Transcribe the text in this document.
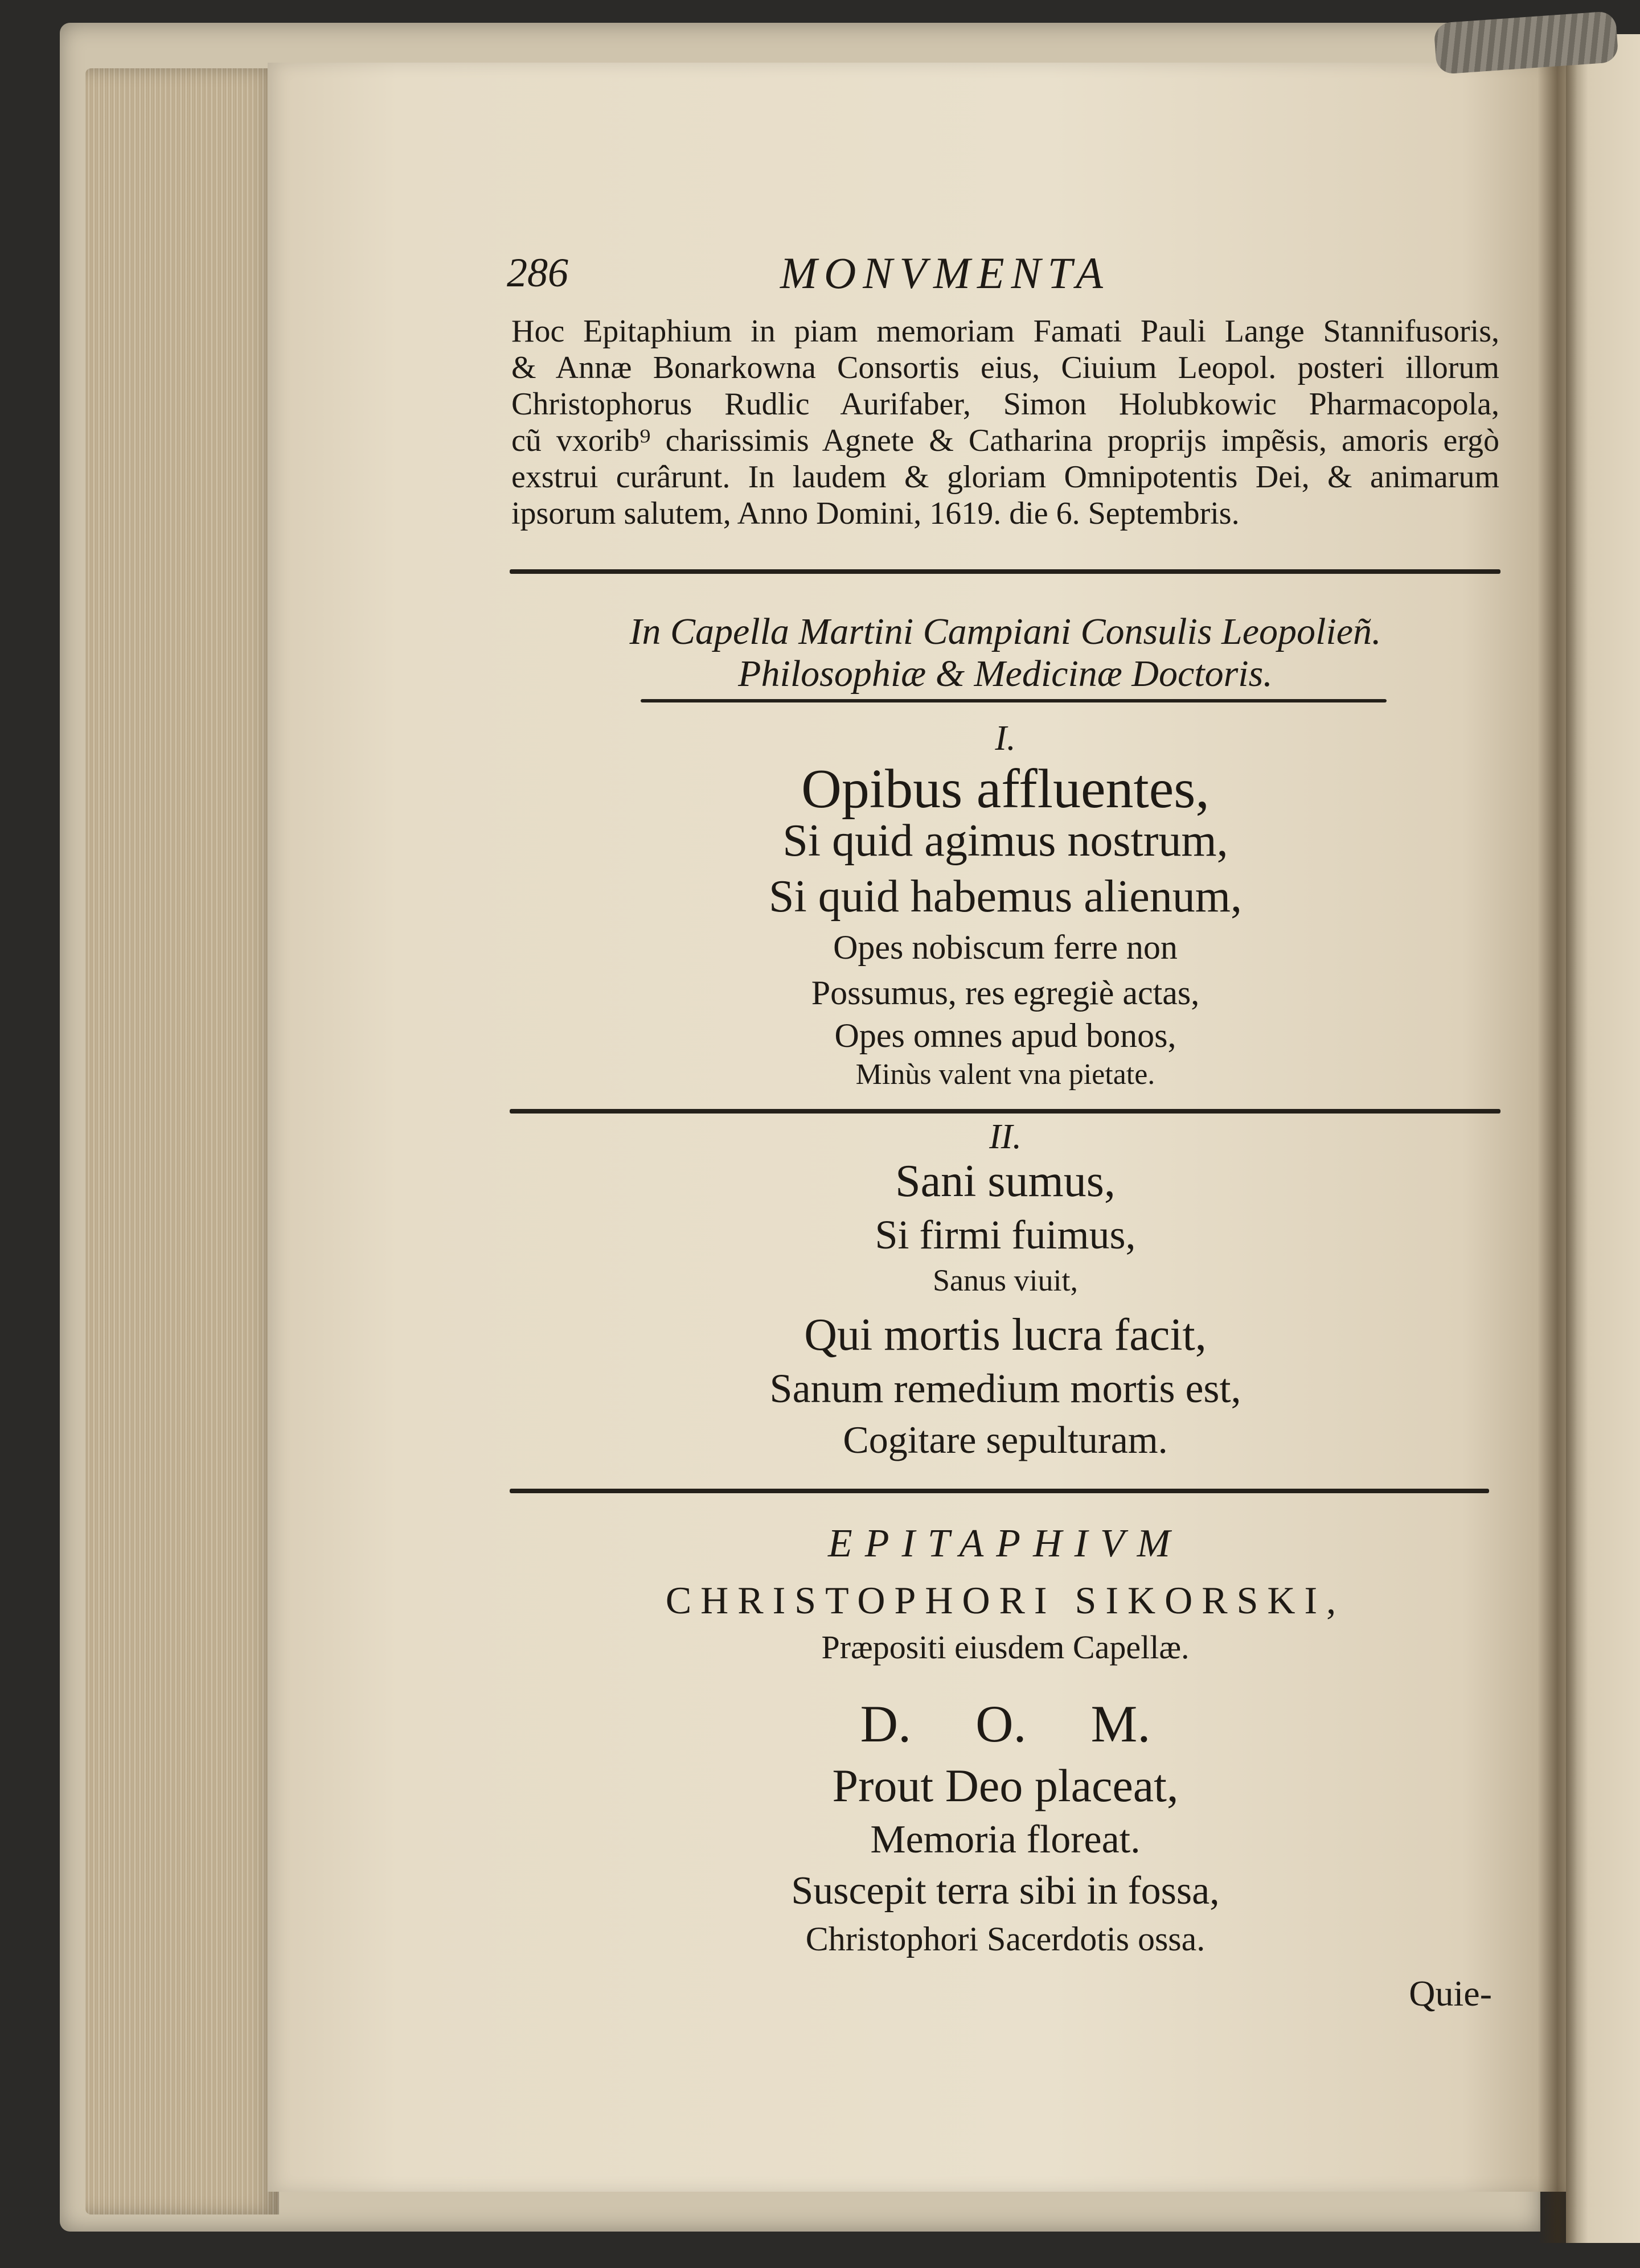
286	MONVMENTA
Hoc Epitaphium in piam memoriam Famati Pauli Lange Stannifusoris,
& Annæ Bonarkowna Consortis eius, Ciuium Leopol. posteri illorum
Christophorus Rudlic Aurifaber, Simon Holubkowic Pharmacopola,
cũ vxorib⁹ charissimis Agnete & Catharina proprijs impẽsis, amoris ergò
exstrui curârunt. In laudem & gloriam Omnipotentis Dei, & animarum
ipsorum salutem, Anno Domini, 1619. die 6. Septembris.
In Capella Martini Campiani Consulis Leopolieñ.
Philosophiæ & Medicinæ Doctoris.
I.
Opibus affluentes,
Si quid agimus nostrum,
Si quid habemus alienum,
Opes nobiscum ferre non
Possumus, res egregiè actas,
Opes omnes apud bonos,
Minùs valent vna pietate.
II.
Sani sumus,
Si firmi fuimus,
Sanus viuit,
Qui mortis lucra facit,
Sanum remedium mortis est,
Cogitare sepulturam.
EPITAPHIVM
CHRISTOPHORI SIKORSKI,
Præpositi eiusdem Capellæ.
D. O. M.
Prout Deo placeat,
Memoria floreat.
Suscepit terra sibi in fossa,
Christophori Sacerdotis ossa.
Quie-
